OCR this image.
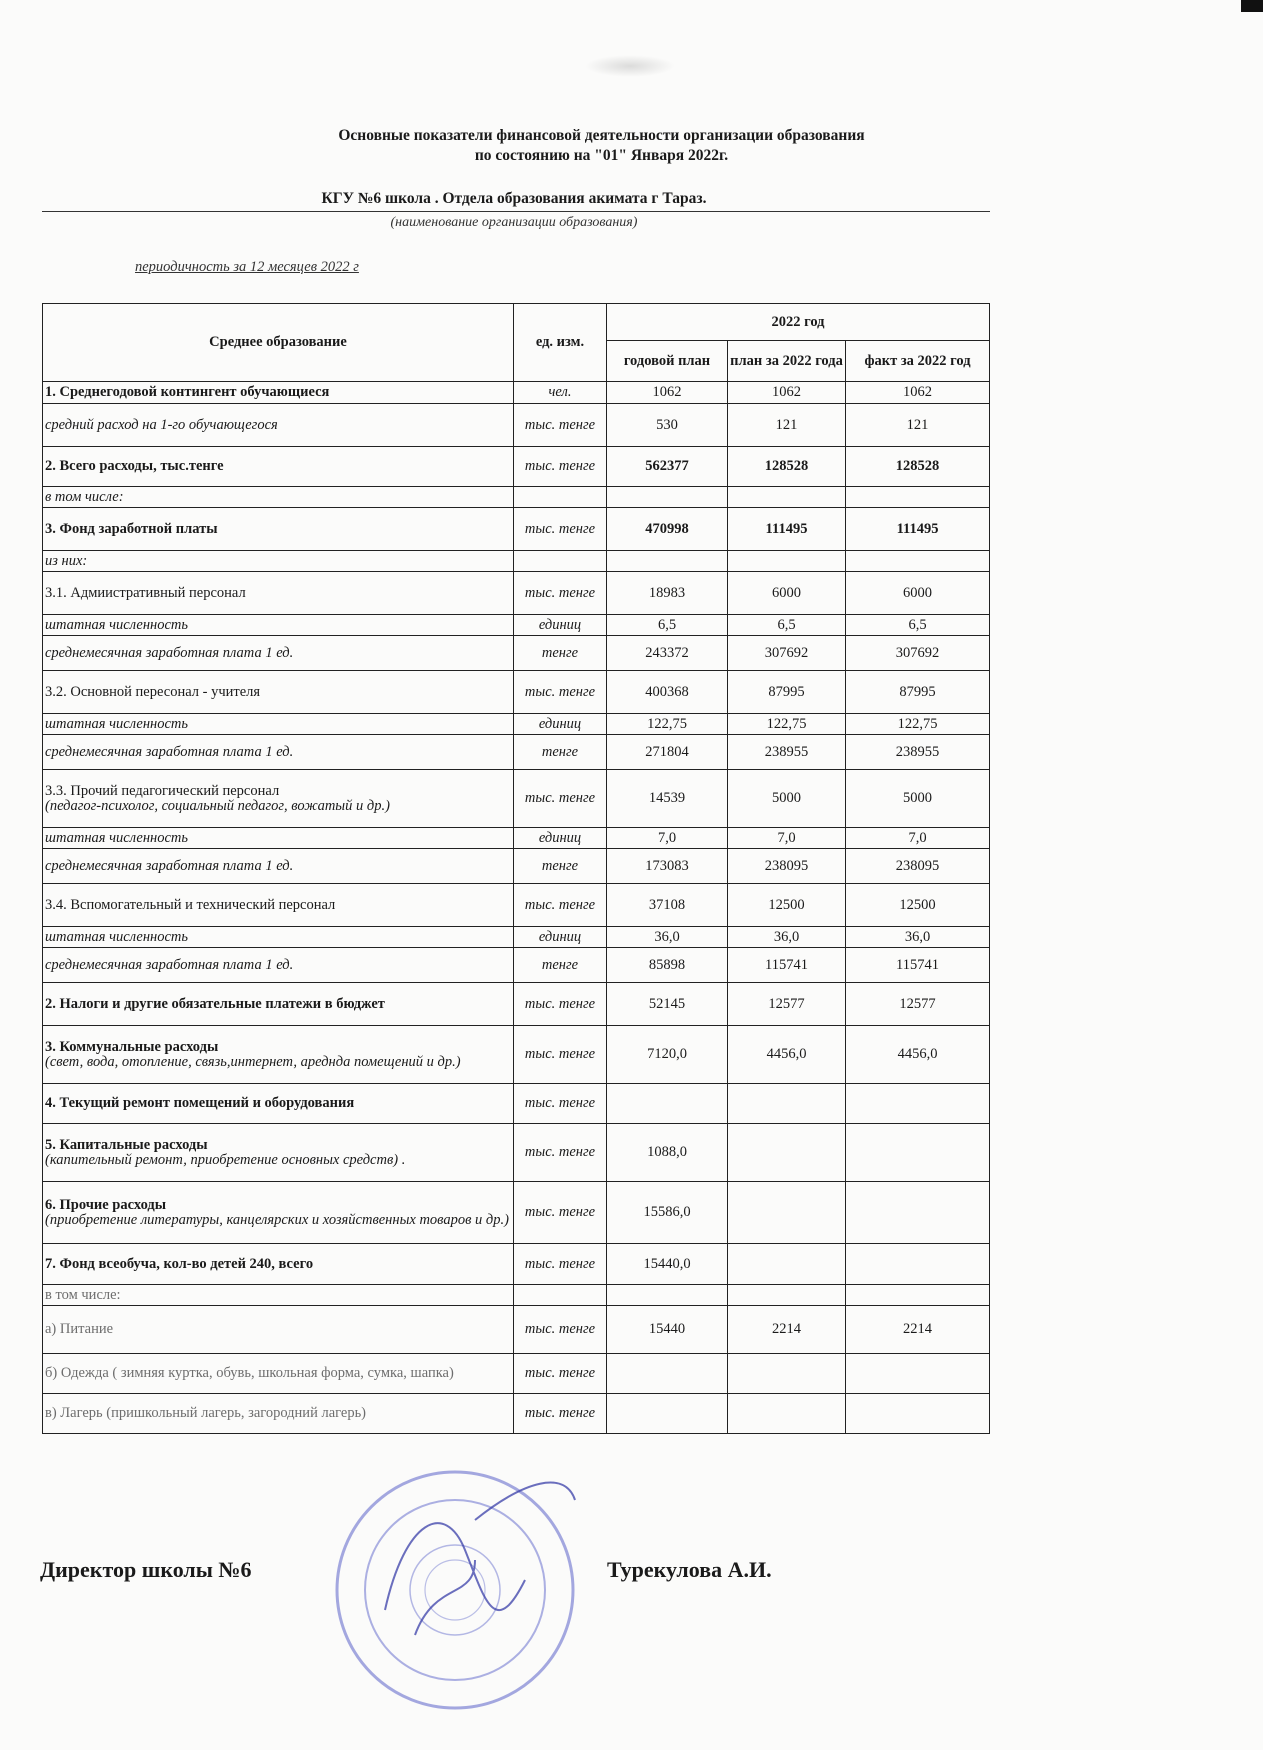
Основные показатели финансовой деятельности организации образования
по состоянию на "01" Января 2022г.
КГУ №6 школа . Отдела образования акимата г Тараз.
(наименование организации образования)
периодичность за 12 месяцев 2022 г
Среднее образование	ед. изм.	2022 год		
		годовой план	план за 2022 года	факт за 2022 год

1. Среднегодовой контингент обучающиеся	чел.	1062	1062	1062

средний расход на 1-го обучающегося	тыс. тенге	530	121	121

2. Всего расходы, тыс.тенге	тыс. тенге	562377	128528	128528

в том числе:				

3. Фонд заработной платы	тыс. тенге	470998	111495	111495

из них:				

3.1. Адмиистративный персонал	тыс. тенге	18983	6000	6000

штатная численность	единиц	6,5	6,5	6,5

среднемесячная заработная плата 1 ед.	тенге	243372	307692	307692

3.2. Основной пересонал - учителя	тыс. тенге	400368	87995	87995

штатная численность	единиц	122,75	122,75	122,75

среднемесячная заработная плата 1 ед.	тенге	271804	238955	238955

3.3. Прочий педагогический персонал
(педагог-психолог, социальный педагог, вожатый и др.)	тыс. тенге	14539	5000	5000

штатная численность	единиц	7,0	7,0	7,0

среднемесячная заработная плата 1 ед.	тенге	173083	238095	238095

3.4. Вспомогательный и технический персонал	тыс. тенге	37108	12500	12500

штатная численность	единиц	36,0	36,0	36,0

среднемесячная заработная плата 1 ед.	тенге	85898	115741	115741

2. Налоги и другие обязательные платежи в бюджет	тыс. тенге	52145	12577	12577

3. Коммунальные расходы
(свет, вода, отопление, связь,интернет, ареднда помещений и др.)	тыс. тенге	7120,0	4456,0	4456,0

4. Текущий ремонт помещений и оборудования	тыс. тенге			

5. Капитальные расходы
(капительный ремонт, приобретение основных средств) .	тыс. тенге	1088,0		

6. Прочие расходы
(приобретение литературы, канцелярских и хозяйственных товаров и др.)	тыс. тенге	15586,0		

7. Фонд всеобуча, кол-во детей 240, всего	тыс. тенге	15440,0		

в том числе:				

а) Питание	тыс. тенге	15440	2214	2214

б) Одежда ( зимняя куртка, обувь, школьная форма, сумка, шапка)	тыс. тенге			

в) Лагерь (пришкольный лагерь, загородний лагерь)	тыс. тенге			
Директор школы №6	Турекулова А.И.
